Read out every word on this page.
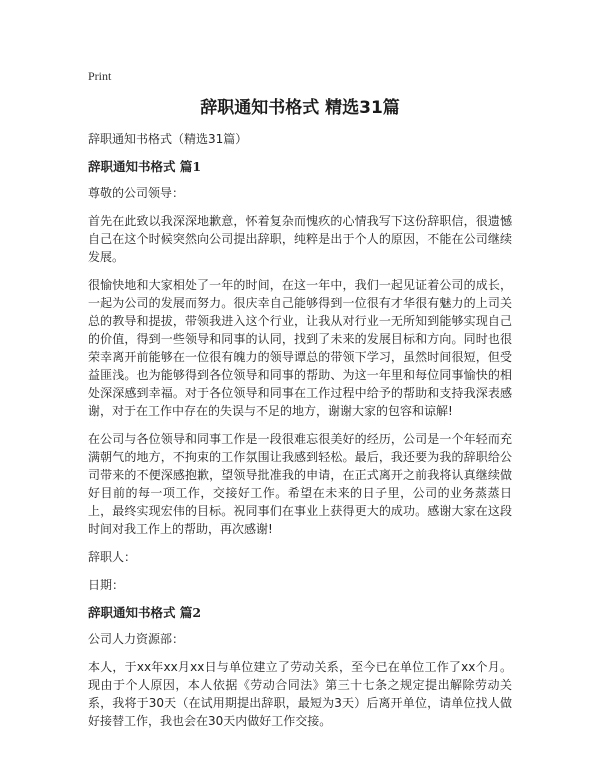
Print
辞职通知书格式 精选31篇

辞职通知书格式（精选31篇）

辞职通知书格式 篇1

尊敬的公司领导：

首先在此致以我深深地歉意，怀着复杂而愧疚的心情我写下这份辞职信，很遗憾自己在这个时候突然向公司提出辞职，纯粹是出于个人的原因，不能在公司继续发展。

很愉快地和大家相处了一年的时间，在这一年中，我们一起见证着公司的成长，一起为公司的发展而努力。很庆幸自己能够得到一位很有才华很有魅力的上司关总的教导和提拔，带领我进入这个行业，让我从对行业一无所知到能够实现自己的价值，得到一些领导和同事的认同，找到了未来的发展目标和方向。同时也很荣幸离开前能够在一位很有魄力的领导谭总的带领下学习，虽然时间很短，但受益匪浅。也为能够得到各位领导和同事的帮助、为这一年里和每位同事愉快的相处深深感到幸福。对于各位领导和同事在工作过程中给予的帮助和支持我深表感谢，对于在工作中存在的失误与不足的地方，谢谢大家的包容和谅解!

在公司与各位领导和同事工作是一段很难忘很美好的经历，公司是一个年轻而充满朝气的地方，不拘束的工作氛围让我感到轻松。最后，我还要为我的辞职给公司带来的不便深感抱歉，望领导批准我的申请，在正式离开之前我将认真继续做好目前的每一项工作，交接好工作。希望在未来的日子里，公司的业务蒸蒸日上，最终实现宏伟的目标。祝同事们在事业上获得更大的成功。感谢大家在这段时间对我工作上的帮助，再次感谢!

辞职人：

日期：

辞职通知书格式 篇2

公司人力资源部：

本人，于xx年xx月xx日与单位建立了劳动关系，至今已在单位工作了xx个月。现由于个人原因，本人依据《劳动合同法》第三十七条之规定提出解除劳动关系，我将于30天（在试用期提出辞职，最短为3天）后离开单位，请单位找人做好接替工作，我也会在30天内做好工作交接。
